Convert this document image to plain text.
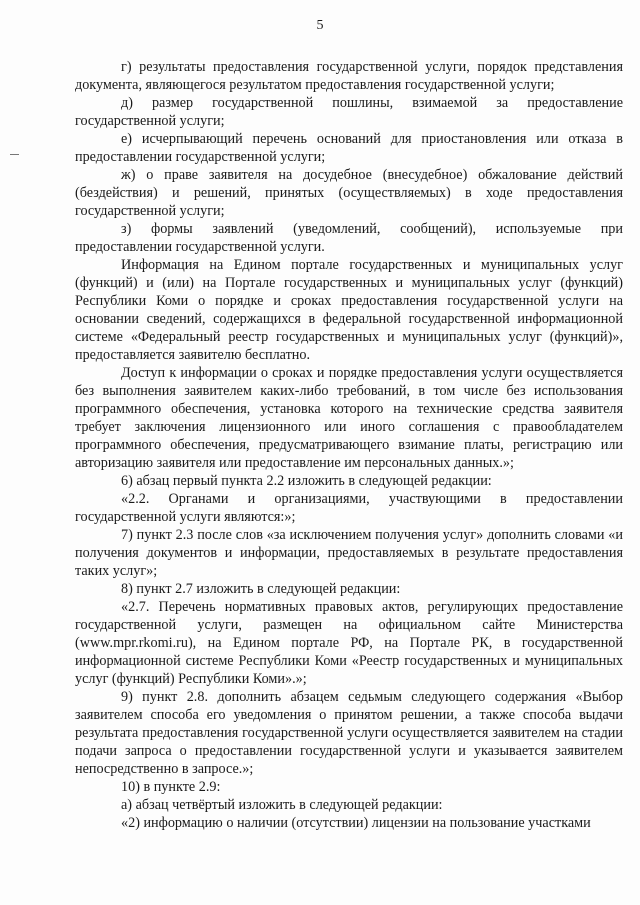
5

г) результаты предоставления государственной услуги, порядок представления документа, являющегося результатом предоставления государственной услуги;

д) размер государственной пошлины, взимаемой за предоставление государственной услуги;

е) исчерпывающий перечень оснований для приостановления или отказа в предоставлении государственной услуги;

ж) о праве заявителя на досудебное (внесудебное) обжалование действий (бездействия) и решений, принятых (осуществляемых) в ходе предоставления государственной услуги;

з) формы заявлений (уведомлений, сообщений), используемые при предоставлении государственной услуги.

Информация на Едином портале государственных и муниципальных услуг (функций) и (или) на Портале государственных и муниципальных услуг (функций) Республики Коми о порядке и сроках предоставления государственной услуги на основании сведений, содержащихся в федеральной государственной информационной системе «Федеральный реестр государственных и муниципальных услуг (функций)», предоставляется заявителю бесплатно.

Доступ к информации о сроках и порядке предоставления услуги осуществляется без выполнения заявителем каких-либо требований, в том числе без использования программного обеспечения, установка которого на технические средства заявителя требует заключения лицензионного или иного соглашения с правообладателем программного обеспечения, предусматривающего взимание платы, регистрацию или авторизацию заявителя или предоставление им персональных данных.»;

6) абзац первый пункта 2.2 изложить в следующей редакции:

«2.2. Органами и организациями, участвующими в предоставлении государственной услуги являются:»;

7) пункт 2.3 после слов «за исключением получения услуг» дополнить словами «и получения документов и информации, предоставляемых в результате предоставления таких услуг»;

8) пункт 2.7 изложить в следующей редакции:

«2.7. Перечень нормативных правовых актов, регулирующих предоставление государственной услуги, размещен на официальном сайте Министерства (www.mpr.rkomi.ru), на Едином портале РФ, на Портале РК, в государственной информационной системе Республики Коми «Реестр государственных и муниципальных услуг (функций) Республики Коми».»;

9) пункт 2.8. дополнить абзацем седьмым следующего содержания «Выбор заявителем способа его уведомления о принятом решении, а также способа выдачи результата предоставления государственной услуги осуществляется заявителем на стадии подачи запроса о предоставлении государственной услуги и указывается заявителем непосредственно в запросе.»;

10) в пункте 2.9:

а) абзац четвёртый изложить в следующей редакции:

«2) информацию о наличии (отсутствии) лицензии на пользование участками
